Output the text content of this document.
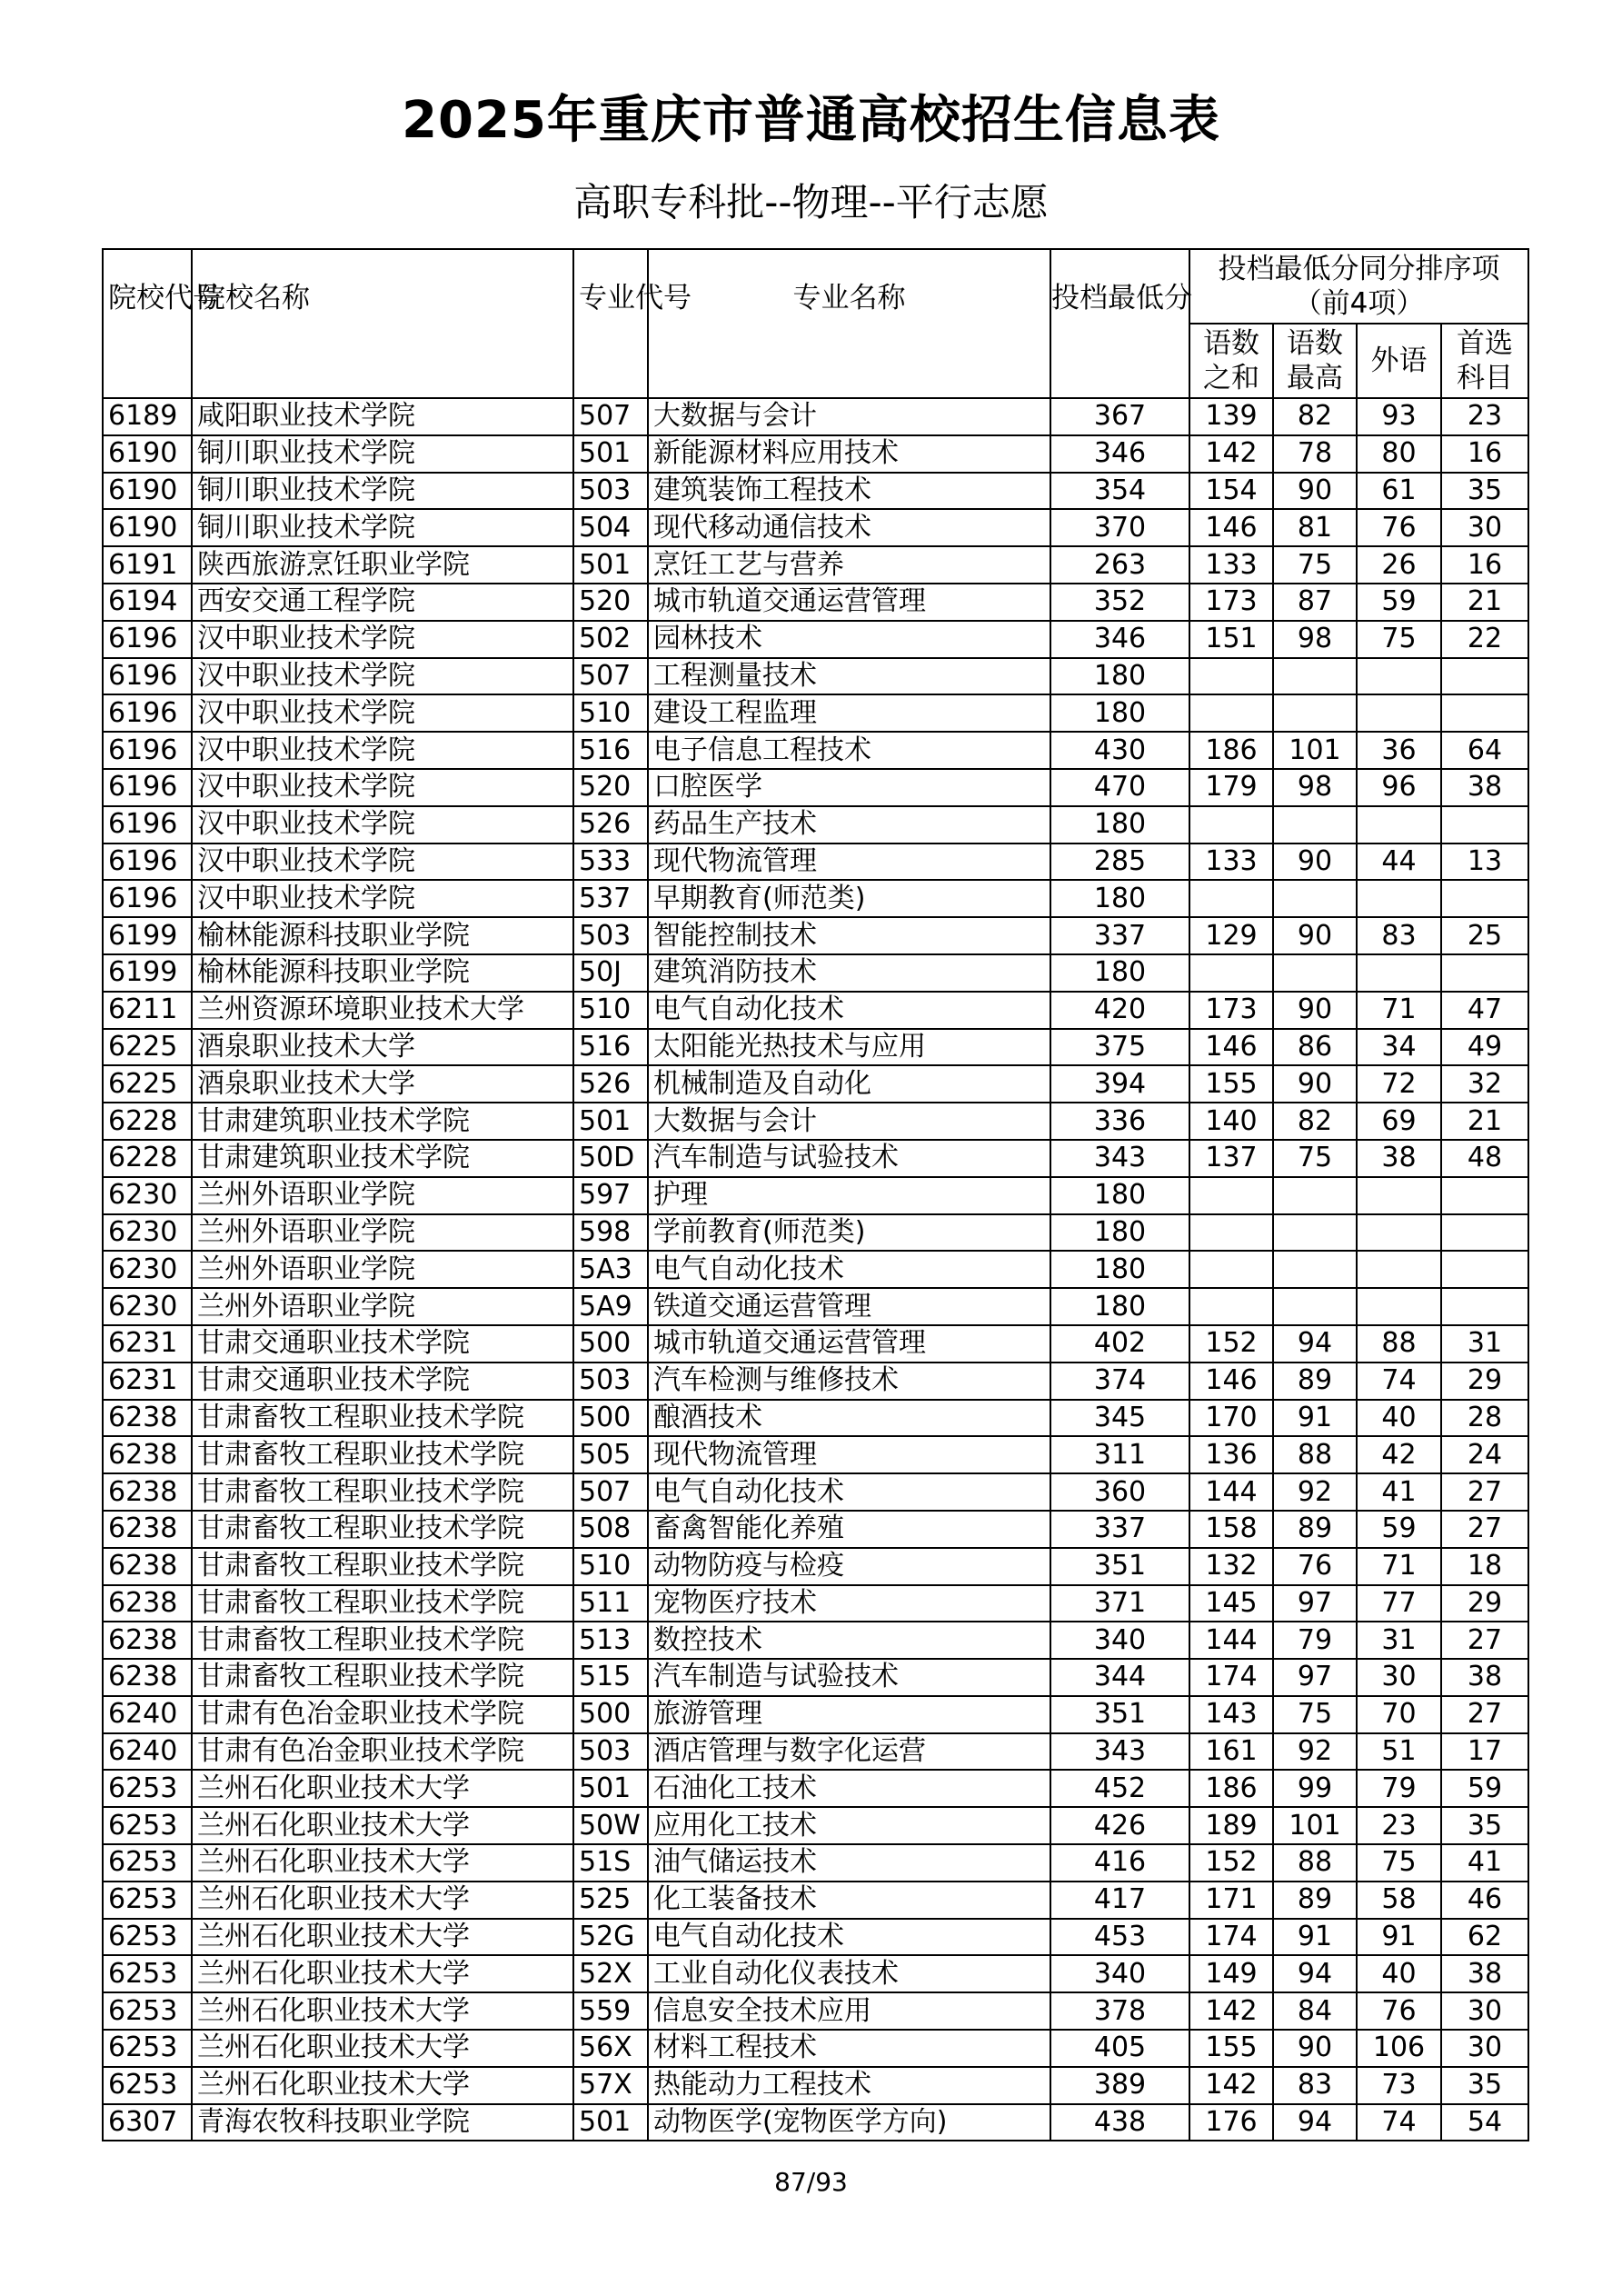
2025年重庆市普通高校招生信息表
高职专科批--物理--平行志愿
院校代号	院校名称	专业代号	专业名称	投档最低分	投档最低分同分排序项（前4项）			
					语数之和	语数最高	外语	首选科目
6189	咸阳职业技术学院	507	大数据与会计	367	139	82	93	23
6190	铜川职业技术学院	501	新能源材料应用技术	346	142	78	80	16
6190	铜川职业技术学院	503	建筑装饰工程技术	354	154	90	61	35
6190	铜川职业技术学院	504	现代移动通信技术	370	146	81	76	30
6191	陕西旅游烹饪职业学院	501	烹饪工艺与营养	263	133	75	26	16
6194	西安交通工程学院	520	城市轨道交通运营管理	352	173	87	59	21
6196	汉中职业技术学院	502	园林技术	346	151	98	75	22
6196	汉中职业技术学院	507	工程测量技术	180				
6196	汉中职业技术学院	510	建设工程监理	180				
6196	汉中职业技术学院	516	电子信息工程技术	430	186	101	36	64
6196	汉中职业技术学院	520	口腔医学	470	179	98	96	38
6196	汉中职业技术学院	526	药品生产技术	180				
6196	汉中职业技术学院	533	现代物流管理	285	133	90	44	13
6196	汉中职业技术学院	537	早期教育(师范类)	180				
6199	榆林能源科技职业学院	503	智能控制技术	337	129	90	83	25
6199	榆林能源科技职业学院	50J	建筑消防技术	180				
6211	兰州资源环境职业技术大学	510	电气自动化技术	420	173	90	71	47
6225	酒泉职业技术大学	516	太阳能光热技术与应用	375	146	86	34	49
6225	酒泉职业技术大学	526	机械制造及自动化	394	155	90	72	32
6228	甘肃建筑职业技术学院	501	大数据与会计	336	140	82	69	21
6228	甘肃建筑职业技术学院	50D	汽车制造与试验技术	343	137	75	38	48
6230	兰州外语职业学院	597	护理	180				
6230	兰州外语职业学院	598	学前教育(师范类)	180				
6230	兰州外语职业学院	5A3	电气自动化技术	180				
6230	兰州外语职业学院	5A9	铁道交通运营管理	180				
6231	甘肃交通职业技术学院	500	城市轨道交通运营管理	402	152	94	88	31
6231	甘肃交通职业技术学院	503	汽车检测与维修技术	374	146	89	74	29
6238	甘肃畜牧工程职业技术学院	500	酿酒技术	345	170	91	40	28
6238	甘肃畜牧工程职业技术学院	505	现代物流管理	311	136	88	42	24
6238	甘肃畜牧工程职业技术学院	507	电气自动化技术	360	144	92	41	27
6238	甘肃畜牧工程职业技术学院	508	畜禽智能化养殖	337	158	89	59	27
6238	甘肃畜牧工程职业技术学院	510	动物防疫与检疫	351	132	76	71	18
6238	甘肃畜牧工程职业技术学院	511	宠物医疗技术	371	145	97	77	29
6238	甘肃畜牧工程职业技术学院	513	数控技术	340	144	79	31	27
6238	甘肃畜牧工程职业技术学院	515	汽车制造与试验技术	344	174	97	30	38
6240	甘肃有色冶金职业技术学院	500	旅游管理	351	143	75	70	27
6240	甘肃有色冶金职业技术学院	503	酒店管理与数字化运营	343	161	92	51	17
6253	兰州石化职业技术大学	501	石油化工技术	452	186	99	79	59
6253	兰州石化职业技术大学	50W	应用化工技术	426	189	101	23	35
6253	兰州石化职业技术大学	51S	油气储运技术	416	152	88	75	41
6253	兰州石化职业技术大学	525	化工装备技术	417	171	89	58	46
6253	兰州石化职业技术大学	52G	电气自动化技术	453	174	91	91	62
6253	兰州石化职业技术大学	52X	工业自动化仪表技术	340	149	94	40	38
6253	兰州石化职业技术大学	559	信息安全技术应用	378	142	84	76	30
6253	兰州石化职业技术大学	56X	材料工程技术	405	155	90	106	30
6253	兰州石化职业技术大学	57X	热能动力工程技术	389	142	83	73	35
6307	青海农牧科技职业学院	501	动物医学(宠物医学方向)	438	176	94	74	54
87/93
